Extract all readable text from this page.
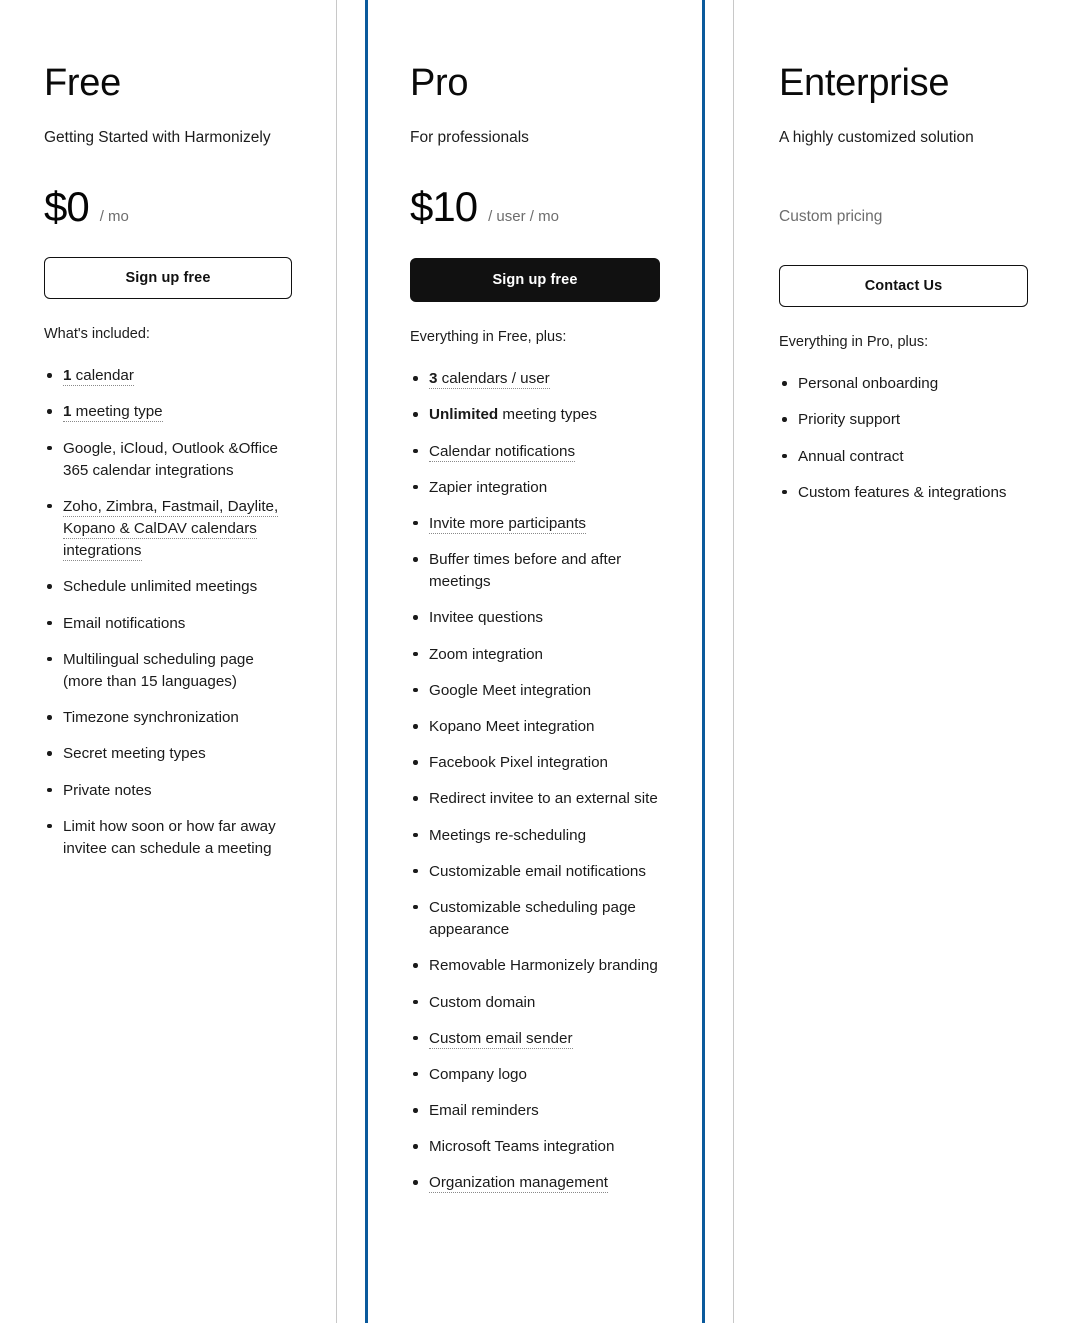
Free

Getting Started with Harmonizely

$0 / mo
Sign up free

What's included:

1 calendar
1 meeting type
Google, iCloud, Outlook &Office 365 calendar integrations
Zoho, Zimbra, Fastmail, Daylite, Kopano & CalDAV calendars integrations
Schedule unlimited meetings
Email notifications
Multilingual scheduling page (more than 15 languages)
Timezone synchronization
Secret meeting types
Private notes
Limit how soon or how far away invitee can schedule a meeting
Pro

For professionals

$10 / user / mo
Sign up free

Everything in Free, plus:

3 calendars / user
Unlimited meeting types
Calendar notifications
Zapier integration
Invite more participants
Buffer times before and after meetings
Invitee questions
Zoom integration
Google Meet integration
Kopano Meet integration
Facebook Pixel integration
Redirect invitee to an external site
Meetings re-scheduling
Customizable email notifications
Customizable scheduling page appearance
Removable Harmonizely branding
Custom domain
Custom email sender
Company logo
Email reminders
Microsoft Teams integration
Organization management
Enterprise

A highly customized solution

Custom pricing
Contact Us

Everything in Pro, plus:

Personal onboarding
Priority support
Annual contract
Custom features & integrations
